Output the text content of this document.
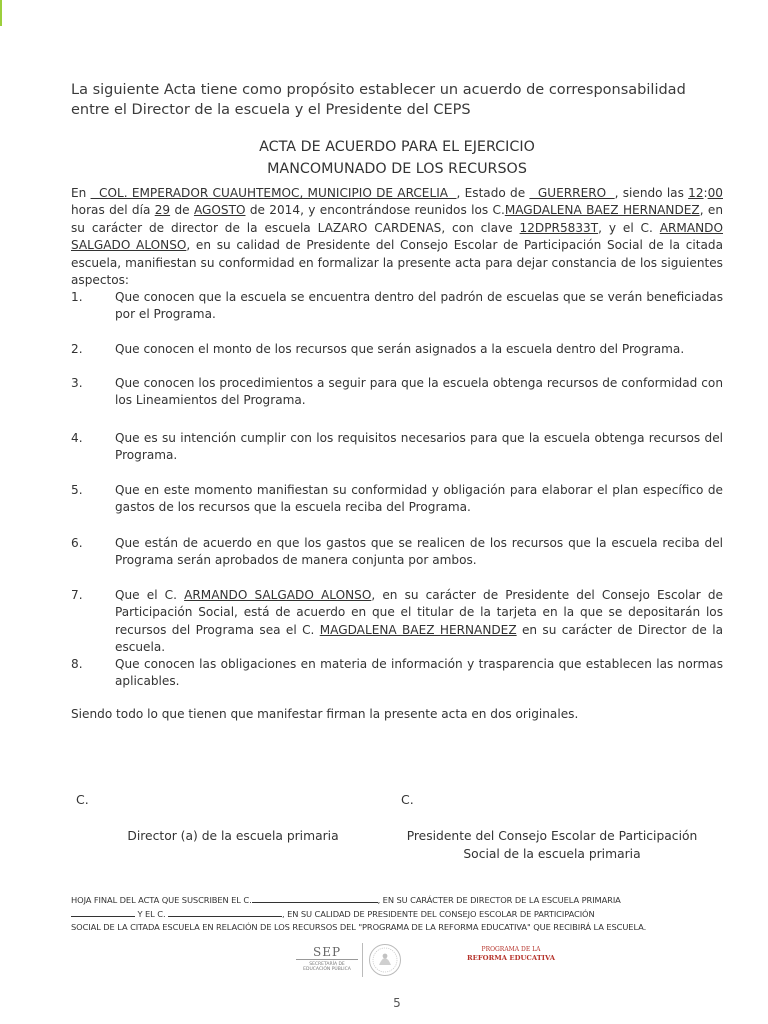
La siguiente Acta tiene como propósito establecer un acuerdo de corresponsabilidad entre el Director de la escuela y el Presidente del CEPS
ACTA DE ACUERDO PARA EL EJERCICIO
MANCOMUNADO DE LOS RECURSOS
En   COL. EMPERADOR CUAUHTEMOC, MUNICIPIO DE ARCELIA  , Estado de   GUERRERO  , siendo las 12:00 horas del día 29 de AGOSTO de 2014, y encontrándose reunidos los C.MAGDALENA BAEZ HERNANDEZ, en su carácter de director de la escuela LAZARO CARDENAS, con clave 12DPR5833T, y el C. ARMANDO SALGADO ALONSO, en su calidad de Presidente del Consejo Escolar de Participación Social de la citada escuela, manifiestan su conformidad en formalizar la presente acta para dejar constancia de los siguientes aspectos:
1.	Que conocen que la escuela se encuentra dentro del padrón de escuelas que se verán beneficiadas por el Programa.
2.	Que conocen el monto de los recursos que serán asignados a la escuela dentro del Programa.
3.	Que conocen los procedimientos a seguir para que la escuela obtenga recursos de conformidad con los Lineamientos del Programa.
4.	Que es su intención cumplir con los requisitos necesarios para que la escuela obtenga recursos del Programa.
5.	Que en este momento manifiestan su conformidad y obligación para elaborar el plan específico de gastos de los recursos que la escuela reciba del Programa.
6.	Que están de acuerdo en que los gastos que se realicen de los recursos que la escuela reciba del Programa serán aprobados de manera conjunta por ambos.
7.	Que el C. ARMANDO SALGADO ALONSO, en su carácter de Presidente del Consejo Escolar de Participación Social, está de acuerdo en que el titular de la tarjeta en la que se depositarán los recursos del Programa sea el C. MAGDALENA BAEZ HERNANDEZ en su carácter de Director de la escuela.
8.	Que conocen las obligaciones en materia de información y trasparencia que establecen las normas aplicables.
Siendo todo lo que tienen que manifestar firman la presente acta en dos originales.
C.	C.
Director (a) de la escuela primaria	Presidente del Consejo Escolar de Participación
Social de la escuela primaria
HOJA FINAL DEL ACTA QUE SUSCRIBEN EL C.	, EN SU CARÁCTER DE DIRECTOR DE LA ESCUELA PRIMARIA
Y EL C.	, EN SU CALIDAD DE PRESIDENTE DEL CONSEJO ESCOLAR DE PARTICIPACIÓN
SOCIAL DE LA CITADA ESCUELA EN RELACIÓN DE LOS RECURSOS DEL "PROGRAMA DE LA REFORMA EDUCATIVA" QUE RECIBIRÁ LA ESCUELA.
SEP
SECRETARÍA DE
EDUCACIÓN PÚBLICA
PROGRAMA DE LA
REFORMA EDUCATIVA
5
